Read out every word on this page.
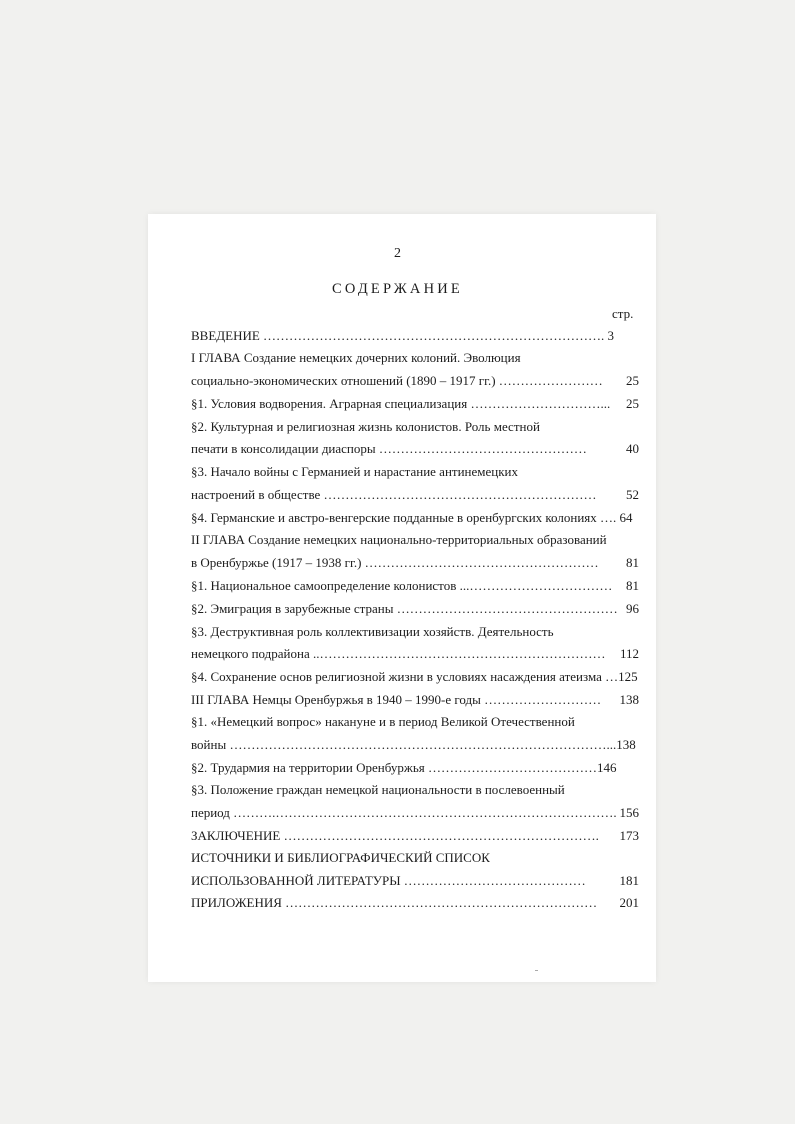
2
СОДЕРЖАНИЕ
стр.
ВВЕДЕНИЕ ……………………………………………………………………. 3
I ГЛАВА Создание немецких дочерних колоний. Эволюция
социально-экономических отношений (1890 – 1917 гг.) …………………… 25
§1. Условия водворения. Аграрная специализация …………………………... 25
§2. Культурная и религиозная жизнь колонистов. Роль местной
печати в консолидации диаспоры …………………………………………	40
§3. Начало войны с Германией и нарастание антинемецких
настроений в обществе ……………………………………………………… 52
§4. Германские и австро-венгерские подданные в оренбургских колониях …. 64
II ГЛАВА Создание немецких национально-территориальных образований
в Оренбуржье (1917 – 1938 гг.) ……………………………………………… 81
§1. Национальное самоопределение колонистов ...…………………………… 81
§2. Эмиграция в зарубежные страны …………………………………………… 96
§3. Деструктивная роль коллективизации хозяйств. Деятельность
немецкого подрайона ..………………………………………………………… 112
§4. Сохранение основ религиозной жизни в условиях насаждения атеизма …125
III ГЛАВА Немцы Оренбуржья в 1940 – 1990-е годы ……………………… 138
§1. «Немецкий вопрос» накануне и в период Великой Отечественной
войны ……………………………………………………………………………...138
§2. Трудармия на территории Оренбуржья …………………………………146
§3. Положение граждан немецкой национальности в послевоенный
период ……….……………………………………………………………………. 156
ЗАКЛЮЧЕНИЕ ………………………………………………………………. 173
ИСТОЧНИКИ И БИБЛИОГРАФИЧЕСКИЙ СПИСОК
ИСПОЛЬЗОВАННОЙ ЛИТЕРАТУРЫ ……………………………………	181
ПРИЛОЖЕНИЯ ……………………………………………………………… 201
